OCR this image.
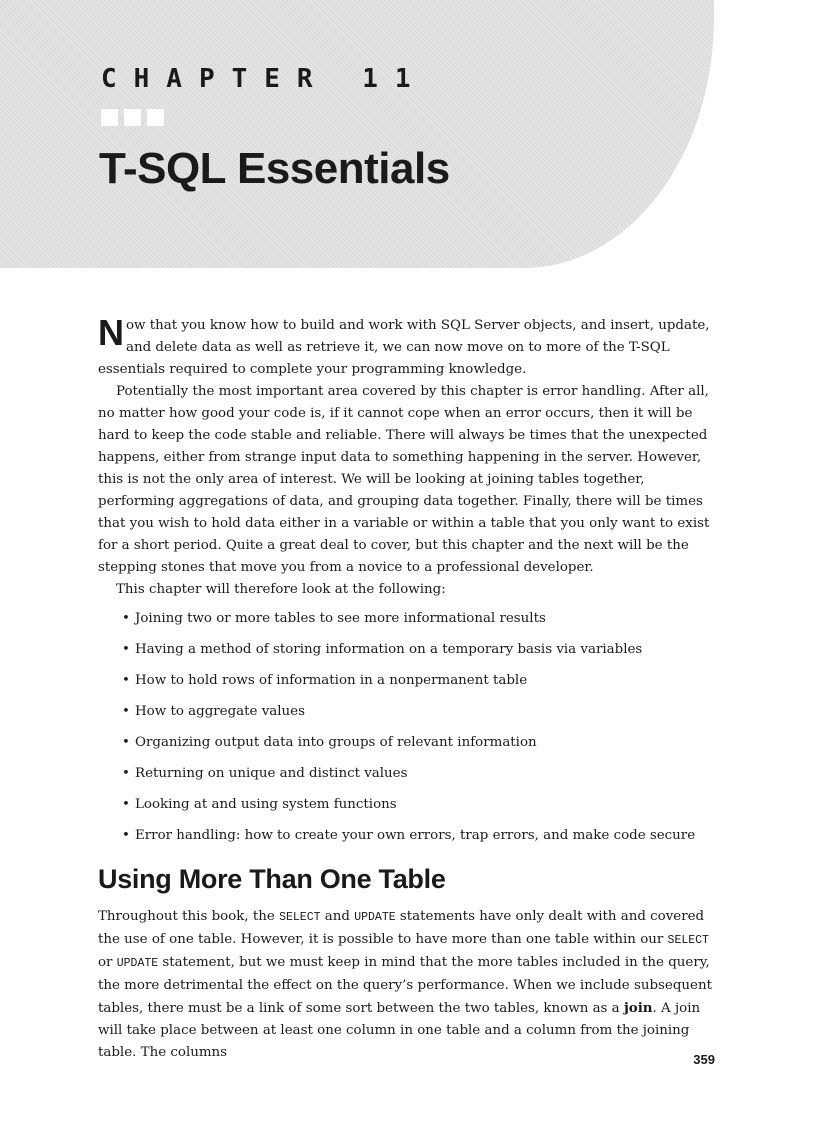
CHAPTER 11
T-SQL Essentials

Now that you know how to build and work with SQL Server objects, and insert, update, and delete data as well as retrieve it, we can now move on to more of the T-SQL essentials required to complete your programming knowledge.

Potentially the most important area covered by this chapter is error handling. After all, no matter how good your code is, if it cannot cope when an error occurs, then it will be hard to keep the code stable and reliable. There will always be times that the unexpected happens, either from strange input data to something happening in the server. However, this is not the only area of interest. We will be looking at joining tables together, performing aggregations of data, and grouping data together. Finally, there will be times that you wish to hold data either in a variable or within a table that you only want to exist for a short period. Quite a great deal to cover, but this chapter and the next will be the stepping stones that move you from a novice to a professional developer.

This chapter will therefore look at the following:

• Joining two or more tables to see more informational results
• Having a method of storing information on a temporary basis via variables
• How to hold rows of information in a nonpermanent table
• How to aggregate values
• Organizing output data into groups of relevant information
• Returning on unique and distinct values
• Looking at and using system functions
• Error handling: how to create your own errors, trap errors, and make code secure
Using More Than One Table

Throughout this book, the SELECT and UPDATE statements have only dealt with and covered the use of one table. However, it is possible to have more than one table within our SELECT or UPDATE statement, but we must keep in mind that the more tables included in the query, the more detrimental the effect on the query’s performance. When we include subsequent tables, there must be a link of some sort between the two tables, known as a join. A join will take place between at least one column in one table and a column from the joining table. The columns	359
